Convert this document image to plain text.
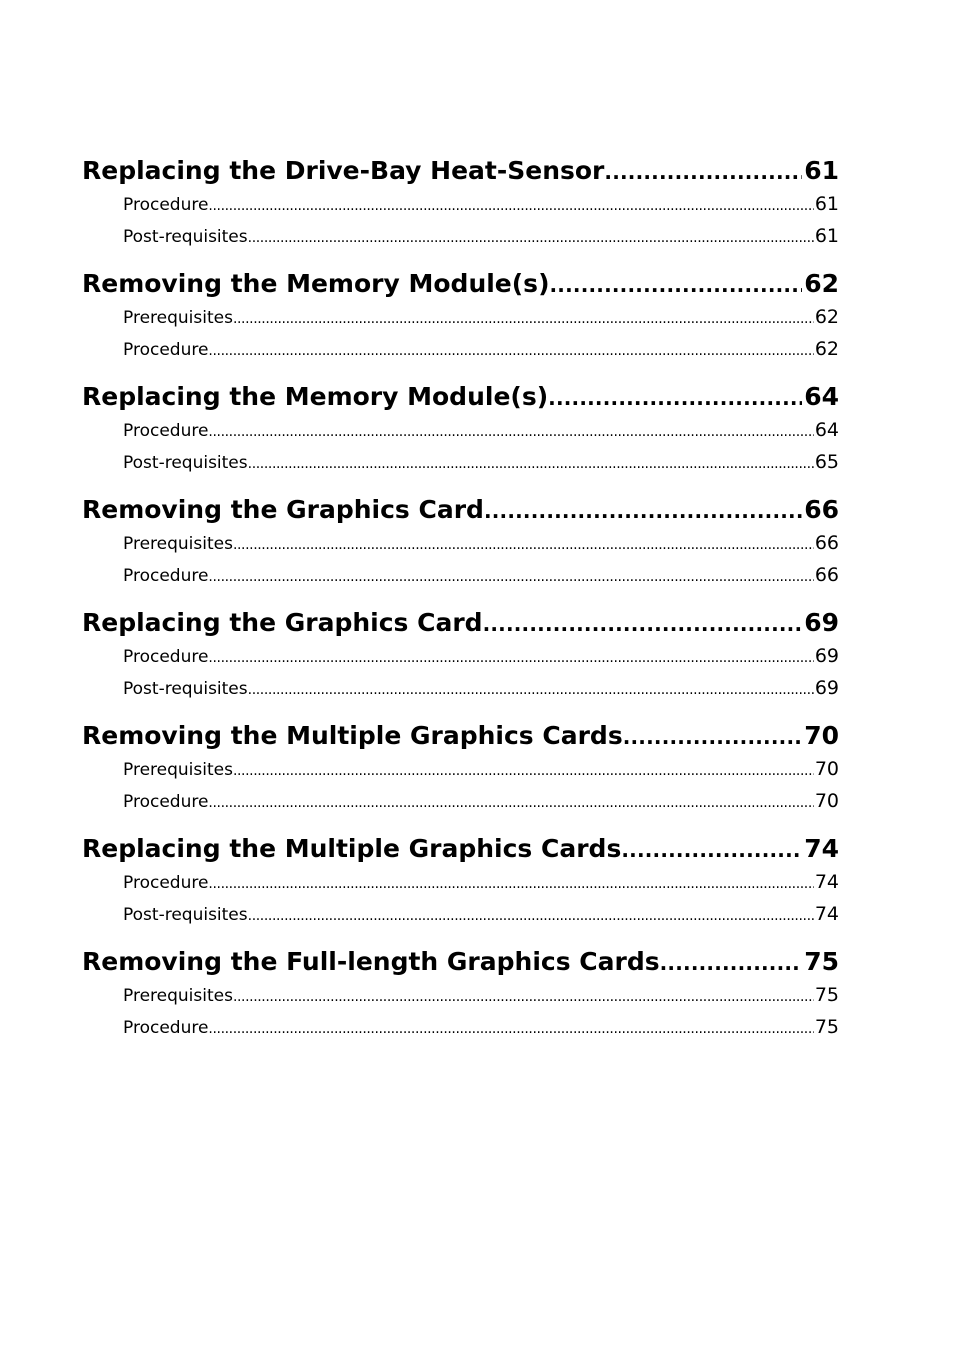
Replacing the Drive-Bay Heat-Sensor .....	61
Procedure .....	61
Post-requisites .....	61
Removing the Memory Module(s) .....	62
Prerequisites .....	62
Procedure .....	62
Replacing the Memory Module(s) .....	64
Procedure .....	64
Post-requisites .....	65
Removing the Graphics Card .....	66
Prerequisites .....	66
Procedure .....	66
Replacing the Graphics Card .....	69
Procedure .....	69
Post-requisites .....	69
Removing the Multiple Graphics Cards .....	70
Prerequisites .....	70
Procedure .....	70
Replacing the Multiple Graphics Cards .....	74
Procedure .....	74
Post-requisites .....	74
Removing the Full-length Graphics Cards .....	75
Prerequisites .....	75
Procedure .....	75
